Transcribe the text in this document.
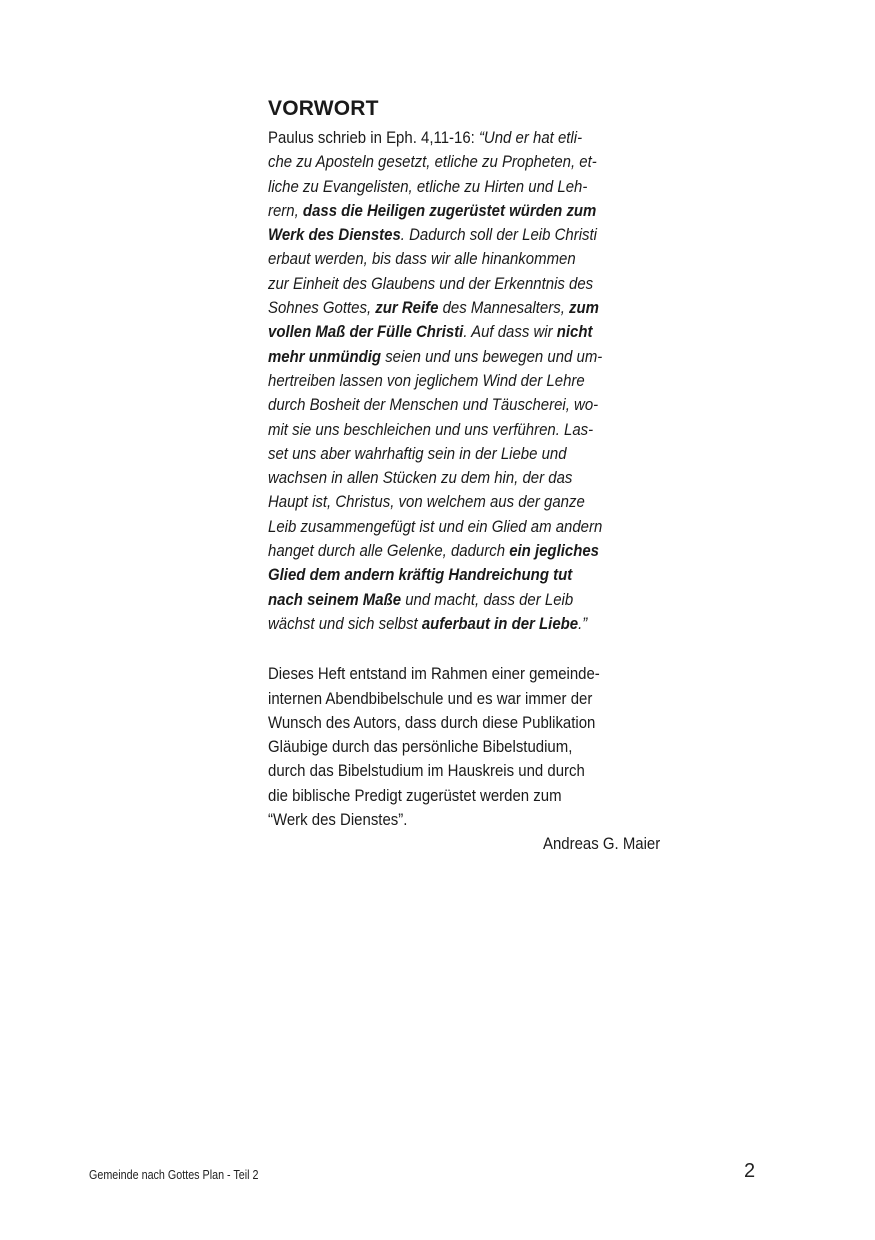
VORWORT
Paulus schrieb in Eph. 4,11-16: “Und er hat etli-
che zu Aposteln gesetzt, etliche zu Propheten, et-
liche zu Evangelisten, etliche zu Hirten und Leh-
rern, dass die Heiligen zugerüstet würden zum
Werk des Dienstes. Dadurch soll der Leib Christi
erbaut werden, bis dass wir alle hinankommen
zur Einheit des Glaubens und der Erkenntnis des
Sohnes Gottes, zur Reife des Mannesalters, zum
vollen Maß der Fülle Christi. Auf dass wir nicht
mehr unmündig seien und uns bewegen und um-
hertreiben lassen von jeglichem Wind der Lehre
durch Bosheit der Menschen und Täuscherei, wo-
mit sie uns beschleichen und uns verführen. Las-
set uns aber wahrhaftig sein in der Liebe und
wachsen in allen Stücken zu dem hin, der das
Haupt ist, Christus, von welchem aus der ganze
Leib zusammengefügt ist und ein Glied am andern
hanget durch alle Gelenke, dadurch ein jegliches
Glied dem andern kräftig Handreichung tut
nach seinem Maße und macht, dass der Leib
wächst und sich selbst auferbaut in der Liebe.”
Dieses Heft entstand im Rahmen einer gemeinde-
internen Abendbibelschule und es war immer der
Wunsch des Autors, dass durch diese Publikation
Gläubige durch das persönliche Bibelstudium,
durch das Bibelstudium im Hauskreis und durch
die biblische Predigt zugerüstet werden zum
“Werk des Dienstes”.
Andreas G. Maier
Gemeinde nach Gottes Plan - Teil 2	2
